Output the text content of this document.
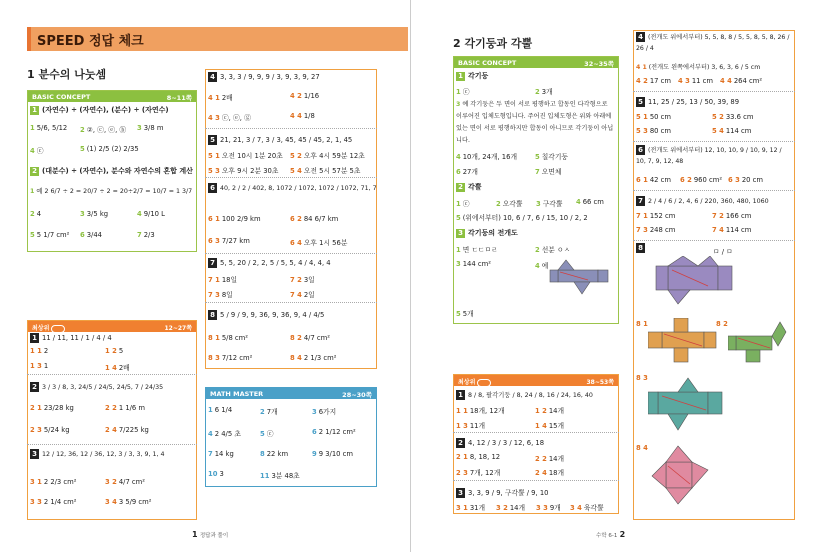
SPEED 정답 체크
1 분수의 나눗셈
BASIC CONCEPT	8~11쪽
1 (자연수) ÷ (자연수), (분수) ÷ (자연수)
1 5/6, 5/12 2 ②, ⓒ, ⓔ, ⓑ 3 3/8 m
4 ⓒ	5 (1) 2/5 (2) 2/35
2 (대분수) ÷ (자연수), 분수와 자연수의 혼합 계산
1 예 2 6/7 ÷ 2 = 20/7 ÷ 2 = 20÷2/7 = 10/7 = 1 3/7
2 4	3 3/5 kg	4 9/10 L
5 5 1/7 cm² 6 3/44	7 2/3
최상위	12~27쪽
1 11 / 11, 11 / 1 / 4 / 4
1 1 2	1 2 5
1 3 1	1 4 2배
2 3 / 3 / 8, 3, 24/5 / 24/5, 24/5, 7 / 24/35
2 1 23/28 kg	2 2 1 1/6 m
2 3 5/24 kg	2 4 7/225 kg
3 12 / 12, 36, 12 / 36, 12, 3 / 3, 3, 9, 1, 4
3 1 2 2/3 cm²	3 2 4/7 cm²
3 3 2 1/4 cm²	3 4 3 5/9 cm²
4 3, 3, 3 / 9, 9, 9 / 3, 9, 3, 9, 27
4 1 2배	4 2 1/16
4 3 ⓒ, ⓔ, ⓖ	4 4 1/8
5 21, 21, 3 / 7, 3 / 3, 45, 45 / 45, 2, 1, 45
5 1 오전 10시 1분 20초 5 2 오후 4시 59분 12초
5 3 오후 9시 2분 30초 5 4 오전 5시 57분 5초
6 40, 2 / 2 / 402, 8, 1072 / 1072, 1072 / 1072, 71, 7
6 1 100 2/9 km	6 2 84 6/7 km
6 3 7/27 km	6 4 오후 1시 56분
7 5, 5, 20 / 2, 2, 5 / 5, 5, 4 / 4, 4, 4
7 1 18일	7 2 3일
7 3 8일	7 4 2일
8 5 / 9 / 9, 9, 36, 9, 36, 9, 4 / 4/5
8 1 5/8 cm²	8 2 4/7 cm²
8 3 7/12 cm²	8 4 2 1/3 cm²
MATH MASTER	28~30쪽
1 6 1/4	2 7개	3 6가지
4 2 4/5 초	5 ⓒ	6 2 1/12 cm²
7 14 kg	8 22 km	9 9 3/10 cm
10 3	11 3분 48초
1 정답과 풀이
2 각기둥과 각뿔
BASIC CONCEPT	32~35쪽
1 각기둥
1 ⓒ	2 3개
3 예 각기둥은 두 면이 서로 평행하고 합동인 다각형으로 이루어진 입체도형입니다. 주어진 입체도형은 위와 아래에 있는 면이 서로 평행하지만 합동이 아니므로 각기둥이 아닙니다.
4 10개, 24개, 16개	5 칠각기둥
6 27개	7 오면체
2 각뿔
1 ⓒ	2 오각뿔 3 구각뿔 4 66 cm
5 (위에서부터) 10, 6 / 7, 6 / 15, 10 / 2, 2
3 각기둥의 전개도
1 면 ㄷㄷㅁㄹ	2 선분 ㅇㅅ
3 144 cm²	4 예
5 5개
최상위	38~53쪽
1 8 / 8, 팔각기둥 / 8, 24 / 8, 16 / 24, 16, 40
1 1 18개, 12개	1 2 14개
1 3 11개	1 4 15개
2 4, 12 / 3 / 3 / 12, 6, 18
2 1 8, 18, 12	2 2 14개
2 3 7개, 12개	2 4 18개
3 3, 3, 9 / 9, 구각뿔 / 9, 10
3 1 31개 3 2 14개 3 3 9개 3 4 육각뿔
4 (전개도 위에서부터) 5, 5, 8, 8 / 5, 5, 8, 5, 8, 26 / 26 / 4
4 1 (전개도 왼쪽에서부터) 3, 6, 3, 6 / 5 cm
4 2 17 cm 4 3 11 cm 4 4 264 cm²
5 11, 25 / 25, 13 / 50, 39, 89
5 1 50 cm	5 2 33.6 cm
5 3 80 cm	5 4 114 cm
6 (전개도 위에서부터) 12, 10, 10, 9 / 10, 9, 12 / 10, 7, 9, 12, 48
6 1 42 cm 6 2 960 cm² 6 3 20 cm
7 2 / 4 / 6 / 2, 4, 6 / 220, 360, 480, 1060
7 1 152 cm	7 2 166 cm
7 3 248 cm	7 4 114 cm
8	ㅁ / ㅁ
8 1	8 2
8 3
8 4
수학 6-1 2
